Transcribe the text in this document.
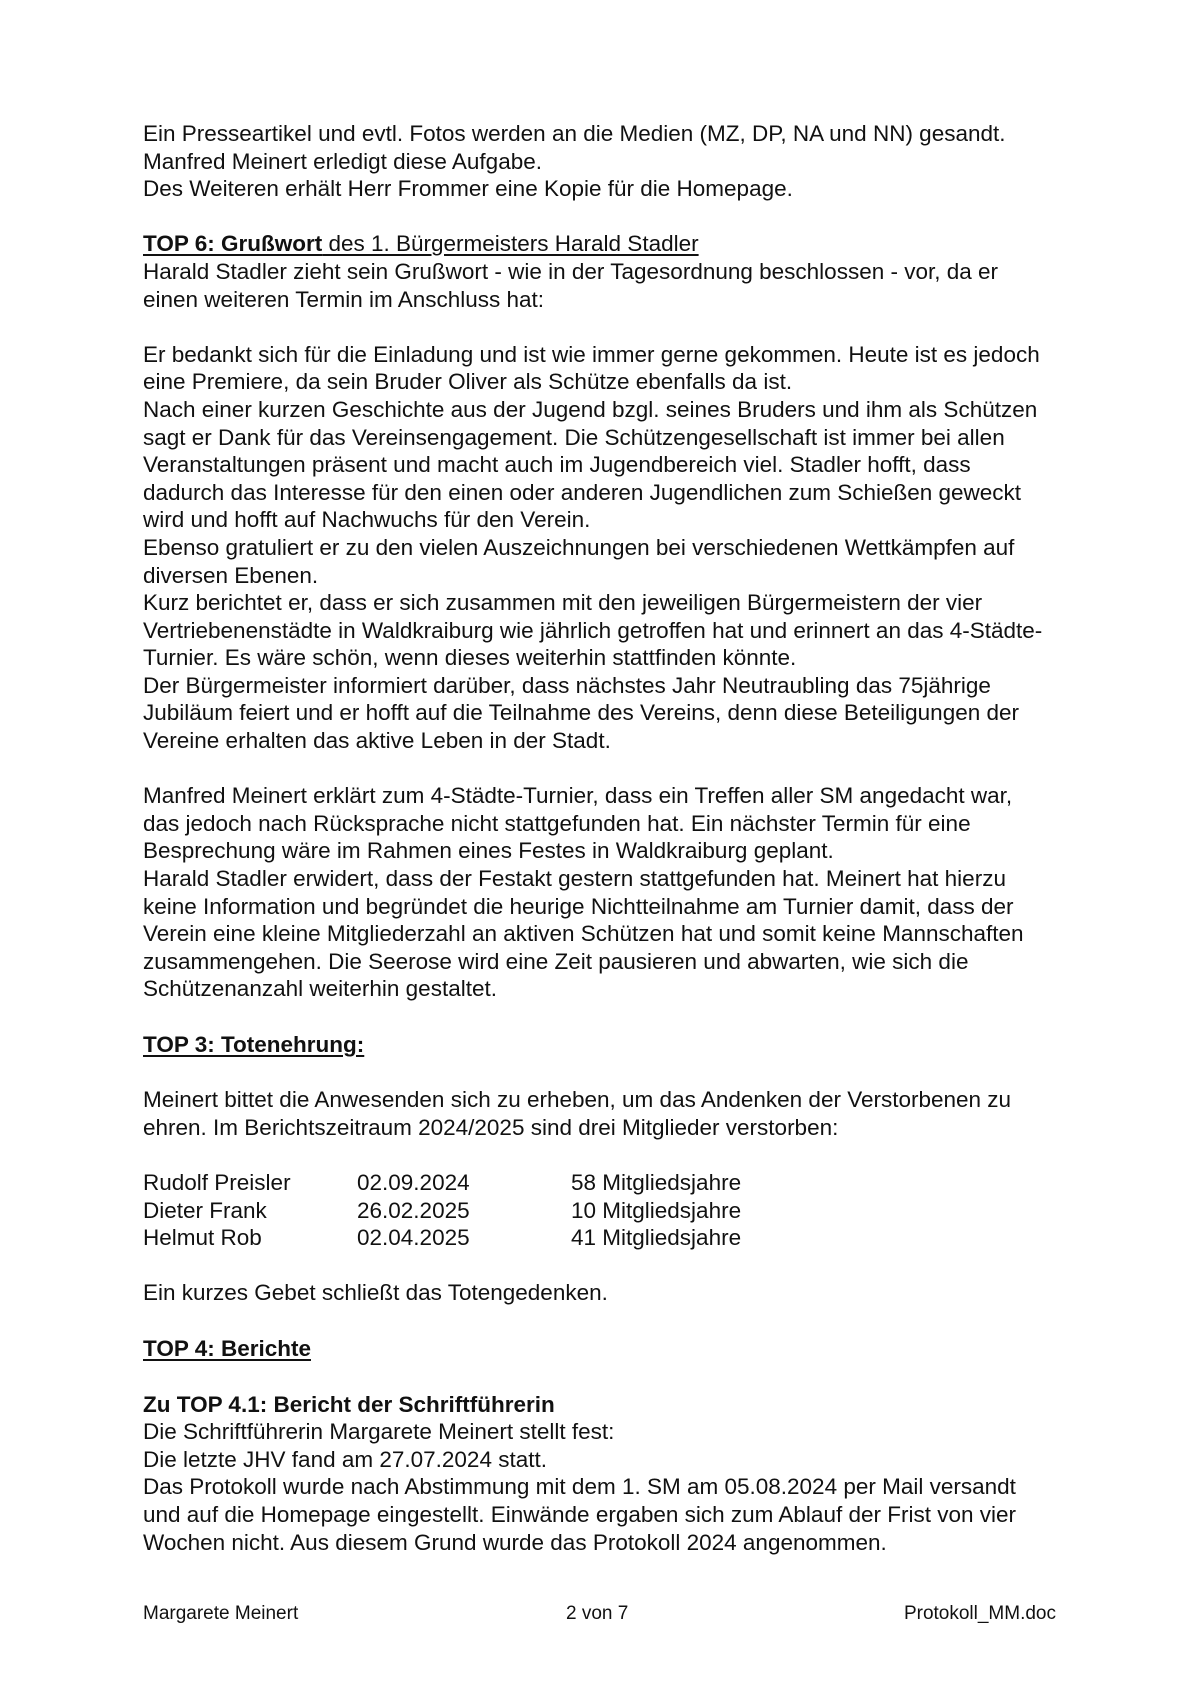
Ein Presseartikel und evtl. Fotos werden an die Medien (MZ, DP, NA und NN) gesandt.
Manfred Meinert erledigt diese Aufgabe.
Des Weiteren erhält Herr Frommer eine Kopie für die Homepage.
TOP 6: Grußwort des 1. Bürgermeisters Harald Stadler
Harald Stadler zieht sein Grußwort - wie in der Tagesordnung beschlossen - vor, da er
einen weiteren Termin im Anschluss hat:
Er bedankt sich für die Einladung und ist wie immer gerne gekommen. Heute ist es jedoch
eine Premiere, da sein Bruder Oliver als Schütze ebenfalls da ist.
Nach einer kurzen Geschichte aus der Jugend bzgl. seines Bruders und ihm als Schützen
sagt er Dank für das Vereinsengagement. Die Schützengesellschaft ist immer bei allen
Veranstaltungen präsent und macht auch im Jugendbereich viel. Stadler hofft, dass
dadurch das Interesse für den einen oder anderen Jugendlichen zum Schießen geweckt
wird und hofft auf Nachwuchs für den Verein.
Ebenso gratuliert er zu den vielen Auszeichnungen bei verschiedenen Wettkämpfen auf
diversen Ebenen.
Kurz berichtet er, dass er sich zusammen mit den jeweiligen Bürgermeistern der vier
Vertriebenenstädte in Waldkraiburg wie jährlich getroffen hat und erinnert an das 4-Städte-
Turnier. Es wäre schön, wenn dieses weiterhin stattfinden könnte.
Der Bürgermeister informiert darüber, dass nächstes Jahr Neutraubling das 75jährige
Jubiläum feiert und er hofft auf die Teilnahme des Vereins, denn diese Beteiligungen der
Vereine erhalten das aktive Leben in der Stadt.
Manfred Meinert erklärt zum 4-Städte-Turnier, dass ein Treffen aller SM angedacht war,
das jedoch nach Rücksprache nicht stattgefunden hat. Ein nächster Termin für eine
Besprechung wäre im Rahmen eines Festes in Waldkraiburg geplant.
Harald Stadler erwidert, dass der Festakt gestern stattgefunden hat. Meinert hat hierzu
keine Information und begründet die heurige Nichtteilnahme am Turnier damit, dass der
Verein eine kleine Mitgliederzahl an aktiven Schützen hat und somit keine Mannschaften
zusammengehen. Die Seerose wird eine Zeit pausieren und abwarten, wie sich die
Schützenanzahl weiterhin gestaltet.
TOP 3: Totenehrung:
Meinert bittet die Anwesenden sich zu erheben, um das Andenken der Verstorbenen zu
ehren. Im Berichtszeitraum 2024/2025 sind drei Mitglieder verstorben:
Rudolf Preisler	02.09.2024	58 Mitgliedsjahre
Dieter Frank	26.02.2025	10 Mitgliedsjahre
Helmut Rob	02.04.2025	41 Mitgliedsjahre
Ein kurzes Gebet schließt das Totengedenken.
TOP 4: Berichte
Zu TOP 4.1: Bericht der Schriftführerin
Die Schriftführerin Margarete Meinert stellt fest:
Die letzte JHV fand am 27.07.2024 statt.
Das Protokoll wurde nach Abstimmung mit dem 1. SM am 05.08.2024 per Mail versandt
und auf die Homepage eingestellt. Einwände ergaben sich zum Ablauf der Frist von vier
Wochen nicht. Aus diesem Grund wurde das Protokoll 2024 angenommen.
Margarete Meinert	2 von 7	Protokoll_MM.doc
